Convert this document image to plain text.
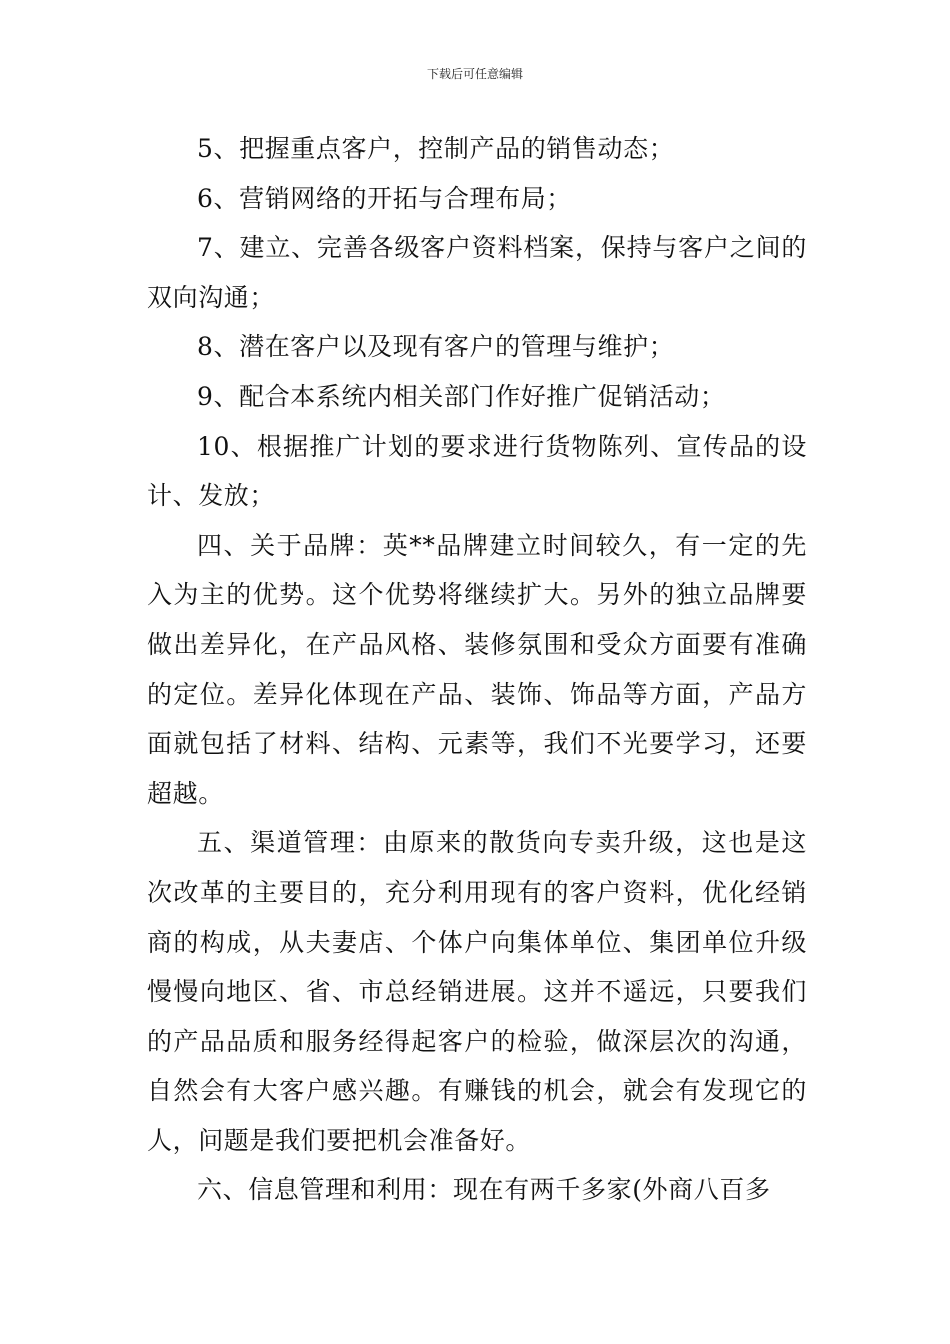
下载后可任意编辑

5、把握重点客户，控制产品的销售动态；

6、营销网络的开拓与合理布局；

7、建立、完善各级客户资料档案，保持与客户之间的双向沟通；

8、潜在客户以及现有客户的管理与维护；

9、配合本系统内相关部门作好推广促销活动；

10、根据推广计划的要求进行货物陈列、宣传品的设计、发放；

四、关于品牌：英**品牌建立时间较久，有一定的先入为主的优势。这个优势将继续扩大。另外的独立品牌要做出差异化，在产品风格、装修氛围和受众方面要有准确的定位。差异化体现在产品、装饰、饰品等方面，产品方面就包括了材料、结构、元素等，我们不光要学习，还要超越。

五、渠道管理：由原来的散货向专卖升级，这也是这次改革的主要目的，充分利用现有的客户资料，优化经销商的构成，从夫妻店、个体户向集体单位、集团单位升级慢慢向地区、省、市总经销进展。这并不遥远，只要我们的产品品质和服务经得起客户的检验，做深层次的沟通，自然会有大客户感兴趣。有赚钱的机会，就会有发现它的人，问题是我们要把机会准备好。

六、信息管理和利用：现在有两千多家(外商八百多
